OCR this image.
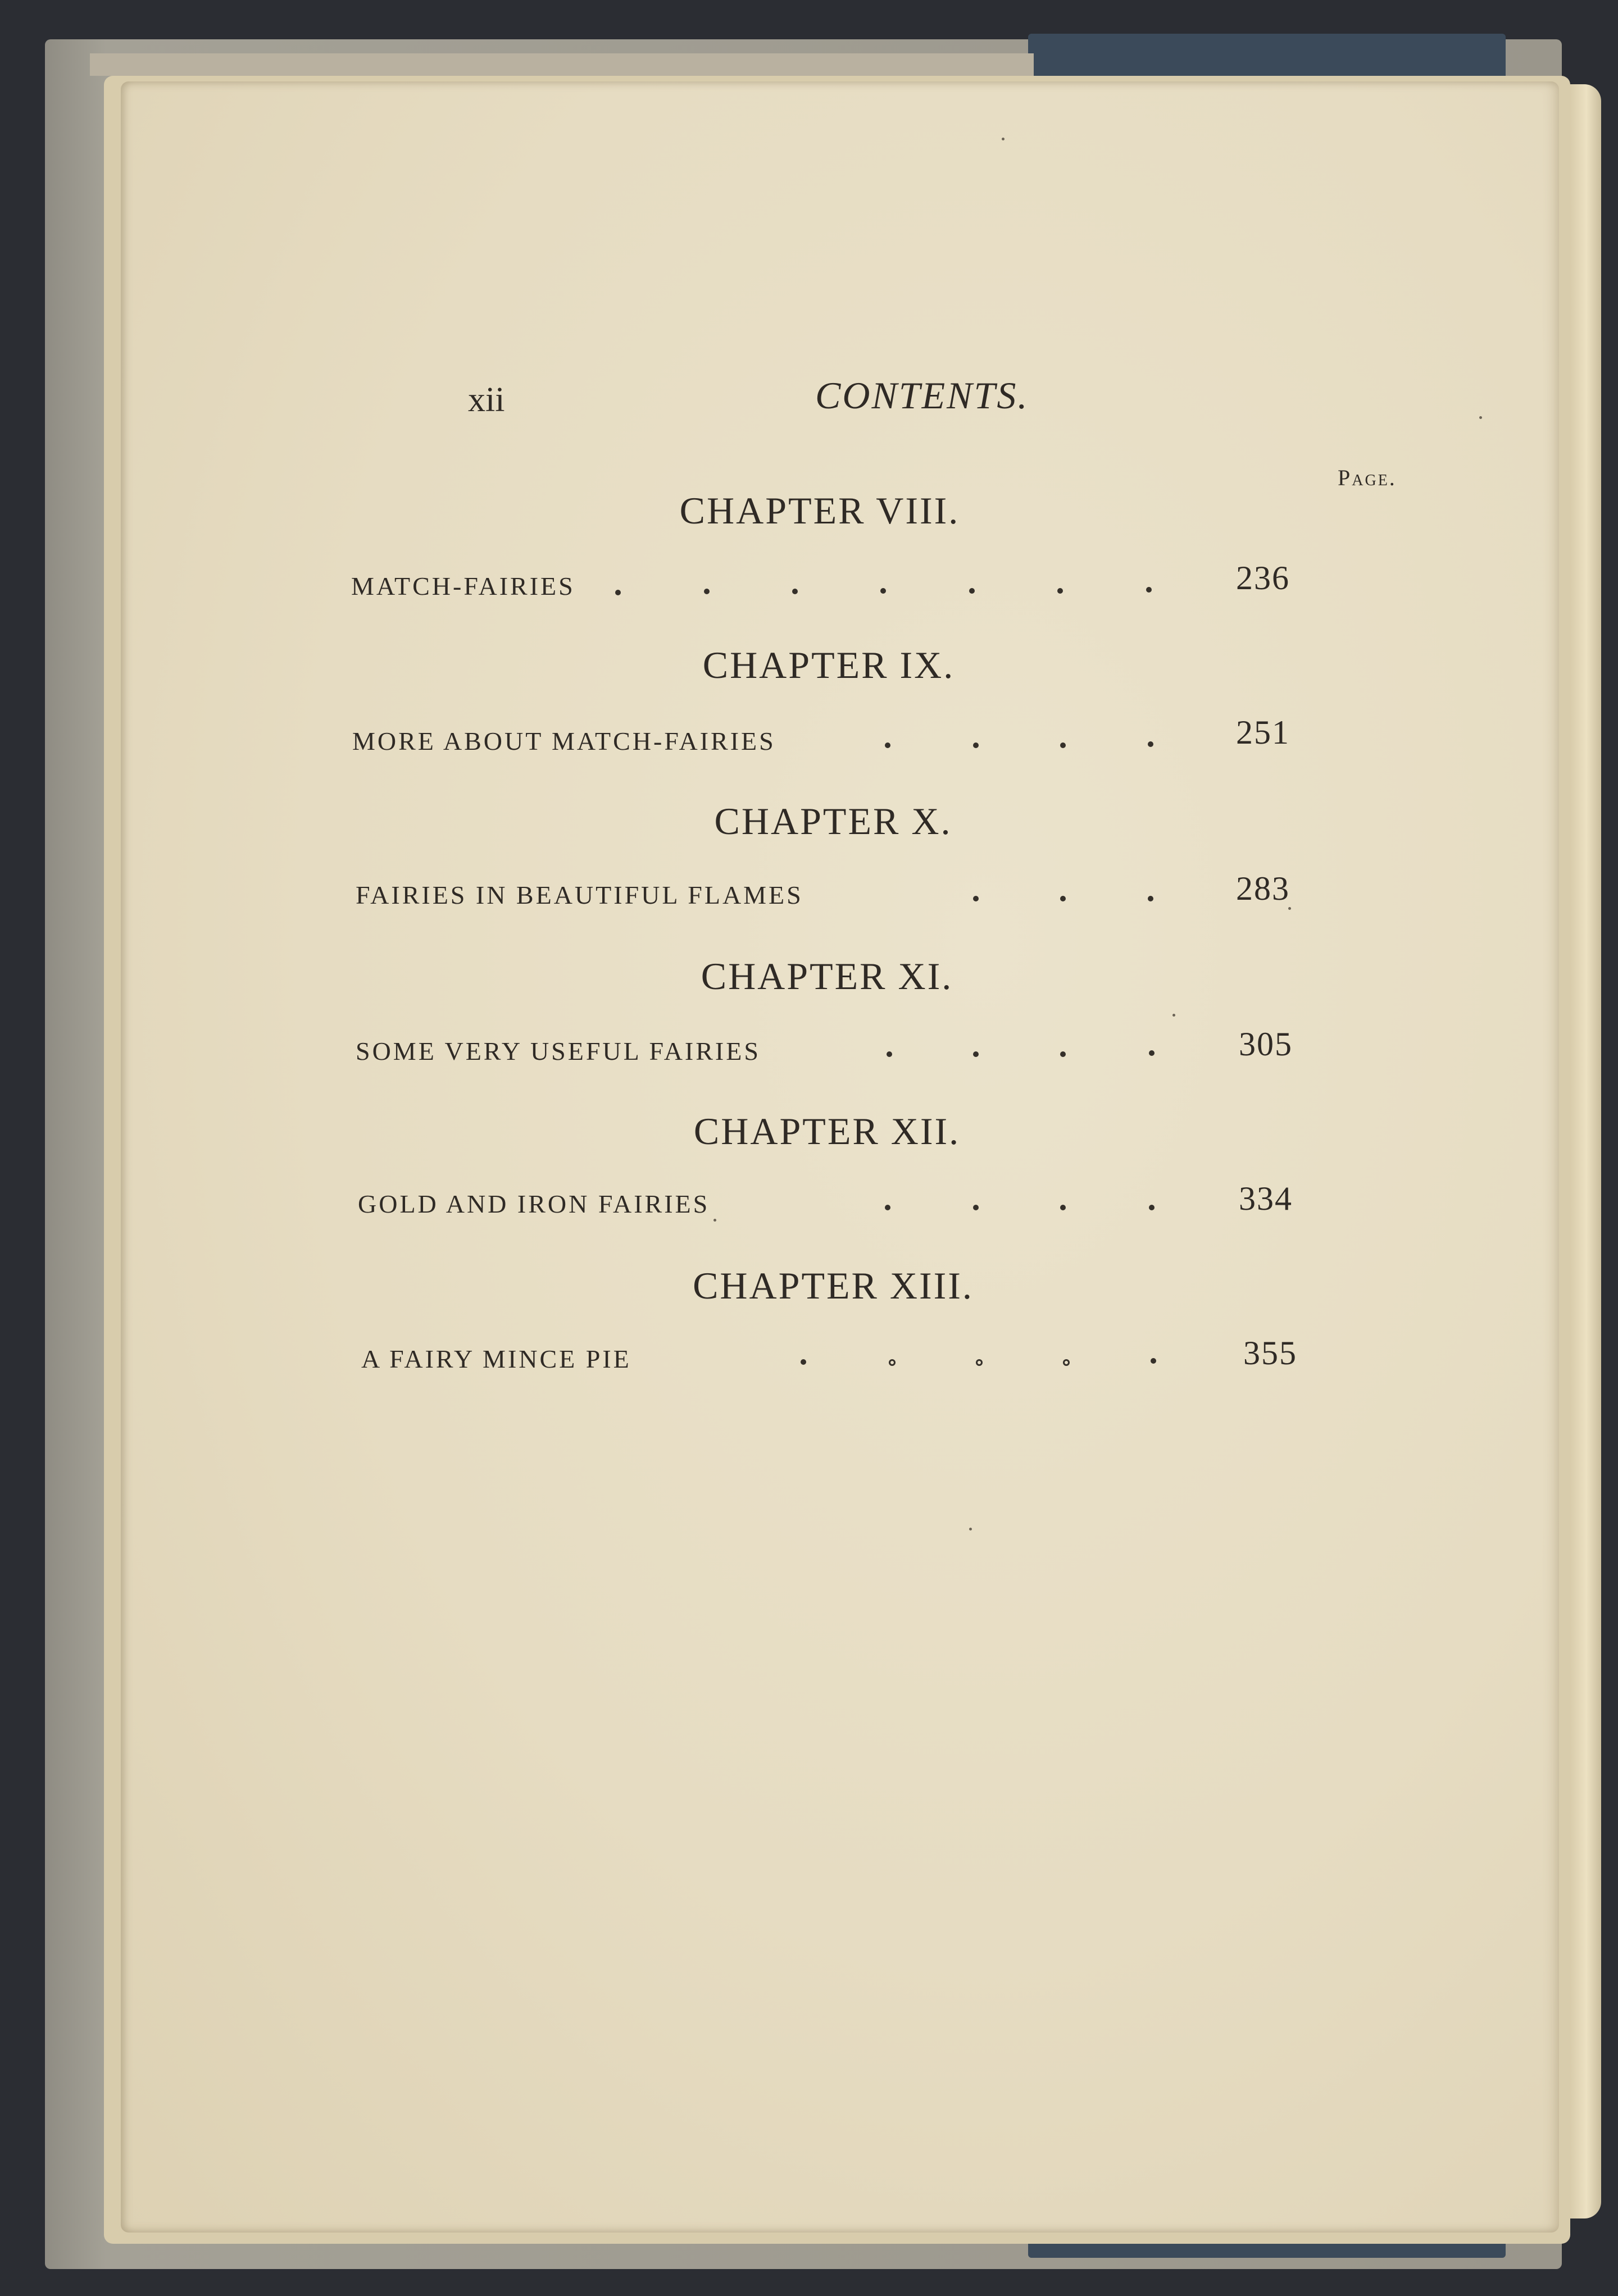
xii	CONTENTS.
Page.
CHAPTER VIII.
MATCH-FAIRIES	236
CHAPTER IX.
MORE ABOUT MATCH-FAIRIES	251
CHAPTER X.
FAIRIES IN BEAUTIFUL FLAMES	283
CHAPTER XI.
SOME VERY USEFUL FAIRIES	305
CHAPTER XII.
GOLD AND IRON FAIRIES	334
CHAPTER XIII.
A FAIRY MINCE PIE	355
